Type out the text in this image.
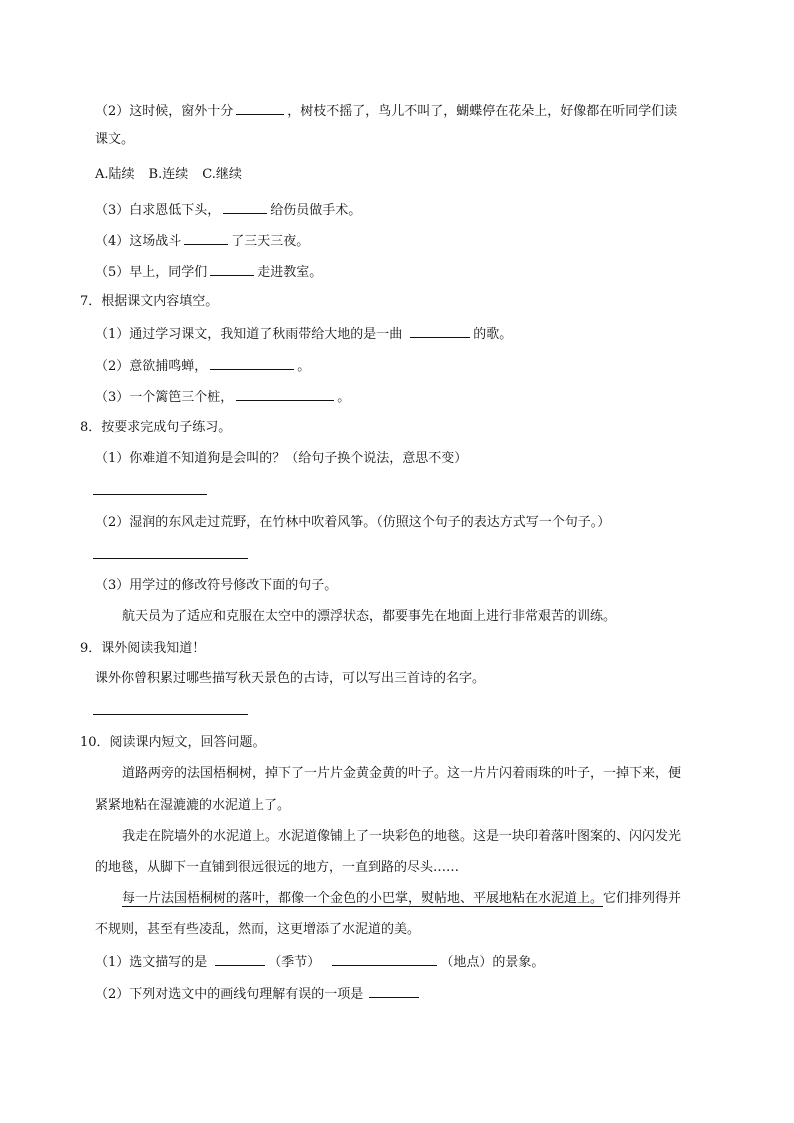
（2）这时候，窗外十分	，树枝不摇了，鸟儿不叫了，蝴蝶停在花朵上，好像都在听同学们读
课文。
A.陆续 B.连续 C.继续
（3）白求恩低下头，	给伤员做手术。
（4）这场战斗	了三天三夜。
（5）早上，同学们	走进教室。
7．根据课文内容填空。
（1）通过学习课文，我知道了秋雨带给大地的是一曲	的歌。
（2）意欲捕鸣蝉，	。
（3）一个篱笆三个桩，	。
8．按要求完成句子练习。
（1）你难道不知道狗是会叫的？（给句子换个说法，意思不变）
（2）湿润的东风走过荒野，在竹林中吹着风筝。（仿照这个句子的表达方式写一个句子。）
（3）用学过的修改符号修改下面的句子。
航天员为了适应和克服在太空中的漂浮状态，都要事先在地面上进行非常艰苦的训练。
9．课外阅读我知道！
课外你曾积累过哪些描写秋天景色的古诗，可以写出三首诗的名字。
10．阅读课内短文，回答问题。
道路两旁的法国梧桐树，掉下了一片片金黄金黄的叶子。这一片片闪着雨珠的叶子，一掉下来，便
紧紧地粘在湿漉漉的水泥道上了。
我走在院墙外的水泥道上。水泥道像铺上了一块彩色的地毯。这是一块印着落叶图案的、闪闪发光
的地毯，从脚下一直铺到很远很远的地方，一直到路的尽头……
每一片法国梧桐树的落叶，都像一个金色的小巴掌，熨帖地、平展地粘在水泥道上。它们排列得并
不规则，甚至有些凌乱，然而，这更增添了水泥道的美。
（1）选文描写的是	（季节）	（地点）的景象。
（2）下列对选文中的画线句理解有误的一项是
